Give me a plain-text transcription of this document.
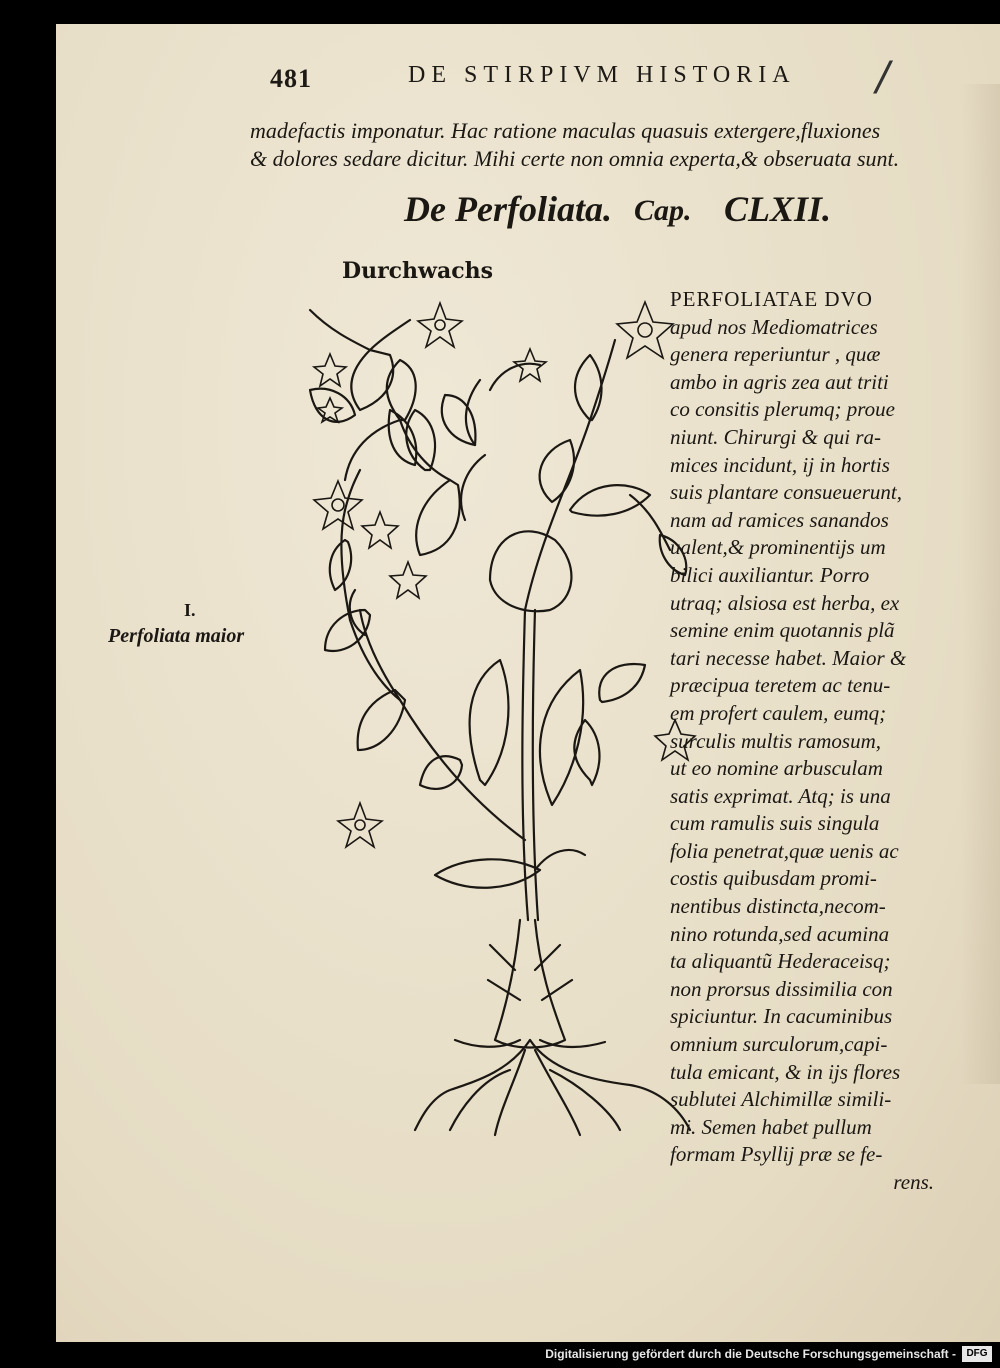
/
481	DE STIRPIVM HISTORIA
madefactis imponatur. Hac ratione maculas quasuis extergere,fluxiones
& dolores sedare dicitur. Mihi certe non omnia experta,& obseruata sunt.
De Perfoliata. Cap. CLXII.
Durchwachs
I.
Perfoliata maior
PERFOLIATAE DVO
apud nos Mediomatrices
genera reperiuntur , quæ
ambo in agris zea aut triti
co consitis plerumq; proue
niunt. Chirurgi & qui ra-
mices incidunt, ij in hortis
suis plantare consueuerunt,
nam ad ramices sanandos
ualent,& prominentijs um
bilici auxiliantur. Porro
utraq; alsiosa est herba, ex
semine enim quotannis plã
tari necesse habet. Maior &
præcipua teretem ac tenu-
em profert caulem, eumq;
surculis multis ramosum,
ut eo nomine arbusculam
satis exprimat. Atq; is una
cum ramulis suis singula
folia penetrat,quæ uenis ac
costis quibusdam promi-
nentibus distincta,necom-
nino rotunda,sed acumina
ta aliquantũ Hederaceisq;
non prorsus dissimilia con
spiciuntur. In cacuminibus
omnium surculorum,capi-
tula emicant, & in ijs flores
sublutei Alchimillæ simili-
mi. Semen habet pullum
formam Psyllij præ se fe-
rens.
Digitalisierung gefördert durch die Deutsche Forschungsgemeinschaft -	DFG
